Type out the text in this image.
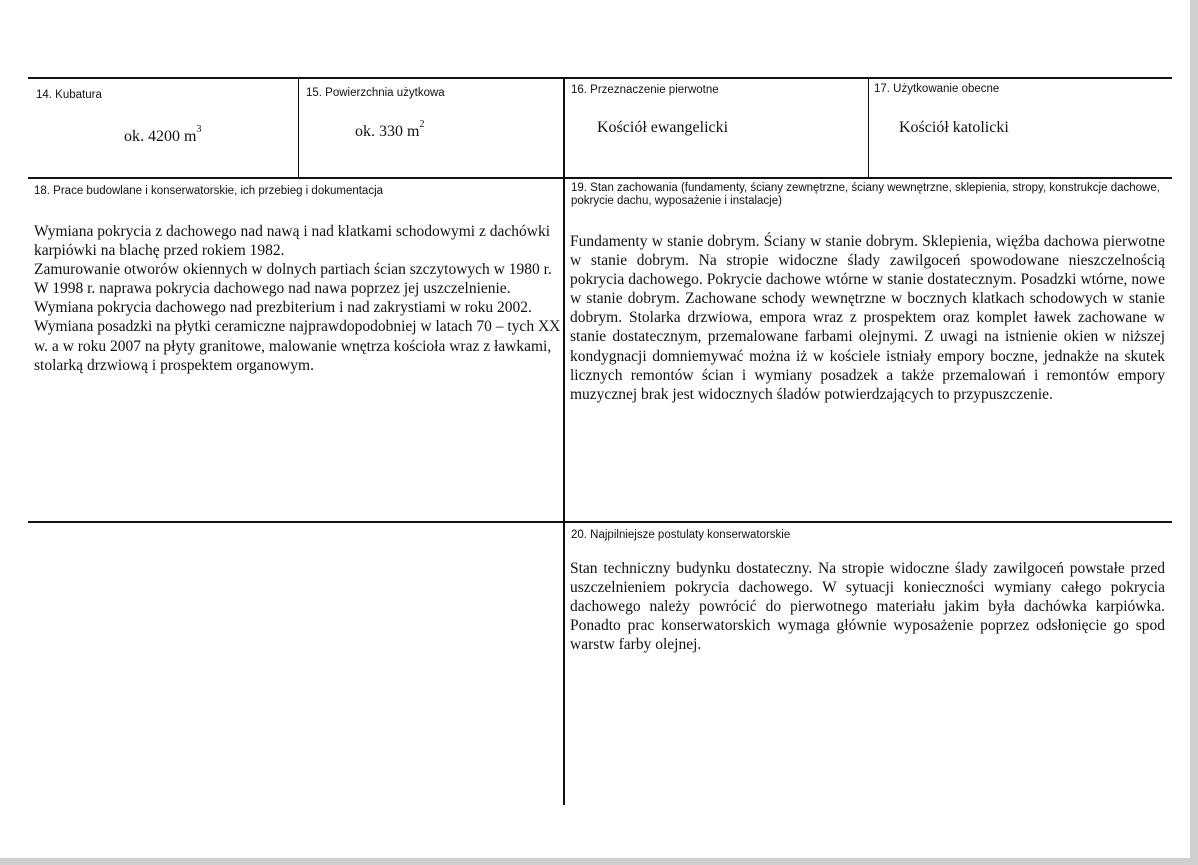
14. Kubatura
ok. 4200 $m^3$
15. Powierzchnia użytkowa
ok. 330 $m^2$
16. Przeznaczenie pierwotne
Kościół ewangelicki
17. Użytkowanie obecne
Kościół katolicki
18. Prace budowlane i konserwatorskie, ich przebieg i dokumentacja

Wymiana pokrycia z dachowego nad nawą i nad klatkami schodowymi z dachówki karpiówki na blachę przed rokiem 1982.

Zamurowanie otworów okiennych w dolnych partiach ścian szczytowych w 1980 r.

W 1998 r. naprawa pokrycia dachowego nad nawa poprzez jej uszczelnienie.

Wymiana pokrycia dachowego nad prezbiterium i nad zakrystiami w roku 2002.

Wymiana posadzki na płytki ceramiczne najprawdopodobniej w latach 70 – tych XX w. a w roku 2007 na płyty granitowe, malowanie wnętrza kościoła wraz z ławkami, stolarką drzwiową i prospektem organowym.

19. Stan zachowania (fundamenty, ściany zewnętrzne, ściany wewnętrzne, sklepienia, stropy, konstrukcje dachowe, pokrycie dachu, wyposażenie i instalacje)
Fundamenty w stanie dobrym. Ściany w stanie dobrym. Sklepienia, więźba dachowa pierwotne w stanie dobrym. Na stropie widoczne ślady zawilgoceń spowodowane nieszczelnością pokrycia dachowego. Pokrycie dachowe wtórne w stanie dostatecznym. Posadzki wtórne, nowe w stanie dobrym. Zachowane schody wewnętrzne w bocznych klatkach schodowych w stanie dobrym. Stolarka drzwiowa, empora wraz z prospektem oraz komplet ławek zachowane w stanie dostatecznym, przemalowane farbami olejnymi. Z uwagi na istnienie okien w niższej kondygnacji domniemywać można iż w kościele istniały empory boczne, jednakże na skutek licznych remontów ścian i wymiany posadzek a także przemalowań i remontów empory muzycznej brak jest widocznych śladów potwierdzających to przypuszczenie.
20. Najpilniejsze postulaty konserwatorskie
Stan techniczny budynku dostateczny. Na stropie widoczne ślady zawilgoceń powstałe przed uszczelnieniem pokrycia dachowego. W sytuacji konieczności wymiany całego pokrycia dachowego należy powrócić do pierwotnego materiału jakim była dachówka karpiówka. Ponadto prac konserwatorskich wymaga głównie wyposażenie poprzez odsłonięcie go spod warstw farby olejnej.
